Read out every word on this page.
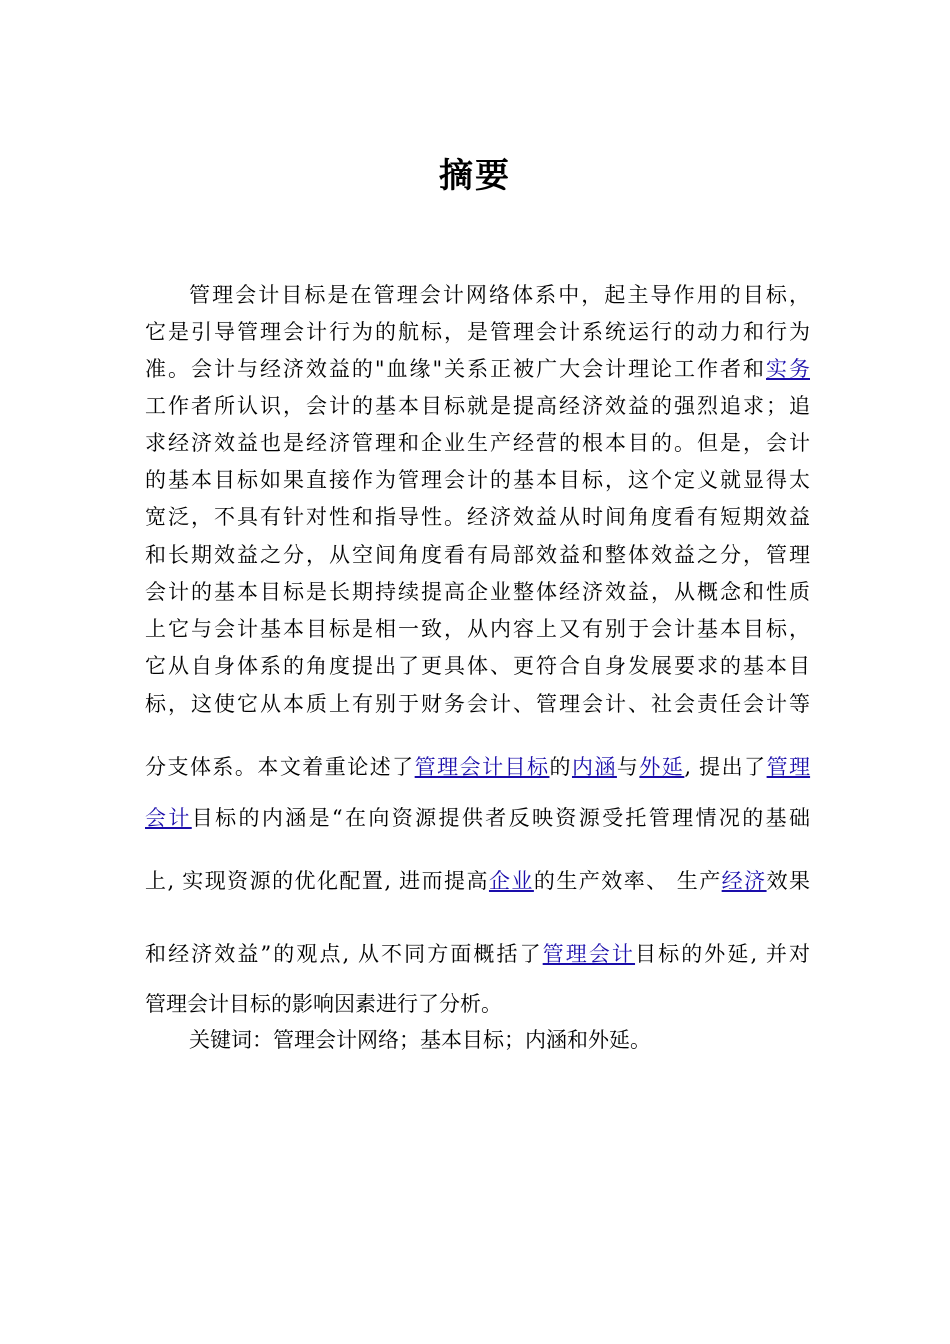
摘要
管理会计目标是在管理会计网络体系中，起主导作用的目标，
它是引导管理会计行为的航标，是管理会计系统运行的动力和行为
准。会计与经济效益的"血缘"关系正被广大会计理论工作者和实务
工作者所认识，会计的基本目标就是提高经济效益的强烈追求；追
求经济效益也是经济管理和企业生产经营的根本目的。但是，会计
的基本目标如果直接作为管理会计的基本目标，这个定义就显得太
宽泛，不具有针对性和指导性。经济效益从时间角度看有短期效益
和长期效益之分，从空间角度看有局部效益和整体效益之分，管理
会计的基本目标是长期持续提高企业整体经济效益，从概念和性质
上它与会计基本目标是相一致，从内容上又有别于会计基本目标，
它从自身体系的角度提出了更具体、更符合自身发展要求的基本目
标，这使它从本质上有别于财务会计、管理会计、社会责任会计等
分支体系。本文着重论述了管理会计目标的内涵与外延, 提出了管理
会计目标的内涵是“在向资源提供者反映资源受托管理情况的基础
上, 实现资源的优化配置, 进而提高企业的生产效率、 生产经济效果
和经济效益”的观点, 从不同方面概括了管理会计目标的外延, 并对
管理会计目标的影响因素进行了分析。
关键词：管理会计网络；基本目标；内涵和外延。
